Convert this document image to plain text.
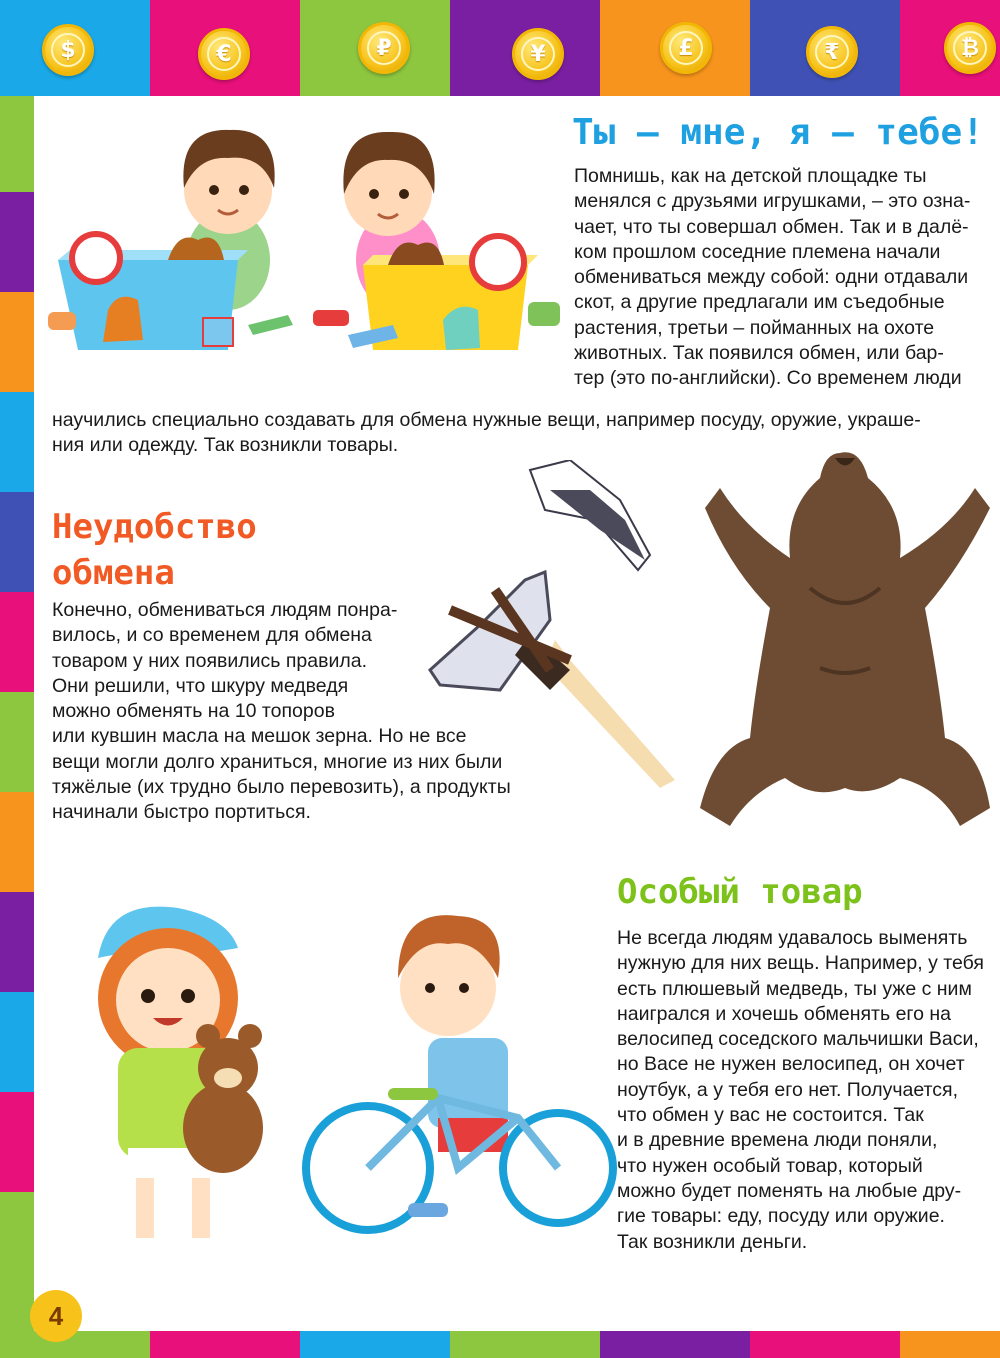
$	€	₽	¥	£	₹	₿
Ты – мне, я – тебе!
Помнишь, как на детской площадке ты
менялся с друзьями игрушками, – это озна-
чает, что ты совершал обмен. Так и в далё-
ком прошлом соседние племена начали
обмениваться между собой: одни отдавали
скот, а другие предлагали им съедобные
растения, третьи – пойманных на охоте
животных. Так появился обмен, или бар-
тер (это по-английски). Со временем люди
научились специально создавать для обмена нужные вещи, например посуду, оружие, украше-
ния или одежду. Так возникли товары.
Неудобство
обмена
Конечно, обмениваться людям понра-
вилось, и со временем для обмена
товаром у них появились правила.
Они решили, что шкуру медведя
можно обменять на 10 топоров
или кувшин масла на мешок зерна. Но не все
вещи могли долго храниться, многие из них были
тяжёлые (их трудно было перевозить), а продукты
начинали быстро портиться.
Особый товар
Не всегда людям удавалось выменять
нужную для них вещь. Например, у тебя
есть плюшевый медведь, ты уже с ним
наигрался и хочешь обменять его на
велосипед соседского мальчишки Васи,
но Васе не нужен велосипед, он хочет
ноутбук, а у тебя его нет. Получается,
что обмен у вас не состоится. Так
и в древние времена люди поняли,
что нужен особый товар, который
можно будет поменять на любые дру-
гие товары: еду, посуду или оружие.
Так возникли деньги.
4
